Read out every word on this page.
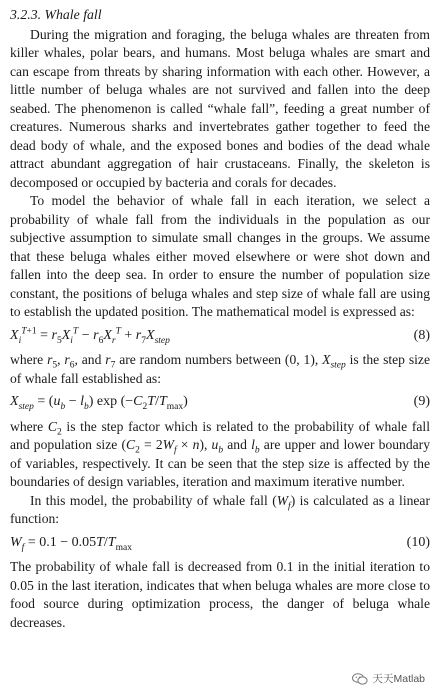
3.2.3. Whale fall

During the migration and foraging, the beluga whales are threaten from killer whales, polar bears, and humans. Most beluga whales are smart and can escape from threats by sharing information with each other. However, a little number of beluga whales are not survived and fallen into the deep seabed. The phenomenon is called “whale fall”, feeding a great number of creatures. Numerous sharks and invertebrates gather together to feed the dead body of whale, and the exposed bones and bodies of the dead whale attract abundant aggregation of hair crustaceans. Finally, the skeleton is decomposed or occupied by bacteria and corals for decades.

To model the behavior of whale fall in each iteration, we select a probability of whale fall from the individuals in the population as our subjective assumption to simulate small changes in the groups. We assume that these beluga whales either moved elsewhere or were shot down and fallen into the deep sea. In order to ensure the number of population size constant, the positions of beluga whales and step size of whale fall are using to establish the updated position. The mathematical model is expressed as:

$X_i^{T+1} = r_5X_i^T - r_6X_r^T + r_7X_{step}$	(8)

where $r_5$, $r_6$, and $r_7$ are random numbers between (0, 1), $X_{step}$ is the step size of whale fall established as:

$X_{step} = (u_b - l_b)$ $\exp (-C_2T/T_{max})$	(9)

where $C_2$ is the step factor which is related to the probability of whale fall and population size $(C_2 = 2W_f \times n)$, $u_b$ and $l_b$ are upper and lower boundary of variables, respectively. It can be seen that the step size is affected by the boundaries of design variables, iteration and maximum iterative number.

In this model, the probability of whale fall $(W_f)$ is calculated as a linear function:

$W_f = 0.1 - 0.05T/T_{max}$	(10)

The probability of whale fall is decreased from 0.1 in the initial iteration to 0.05 in the last iteration, indicates that when beluga whales are more close to food source during optimization process, the danger of beluga whale decreases.

天天Matlab
